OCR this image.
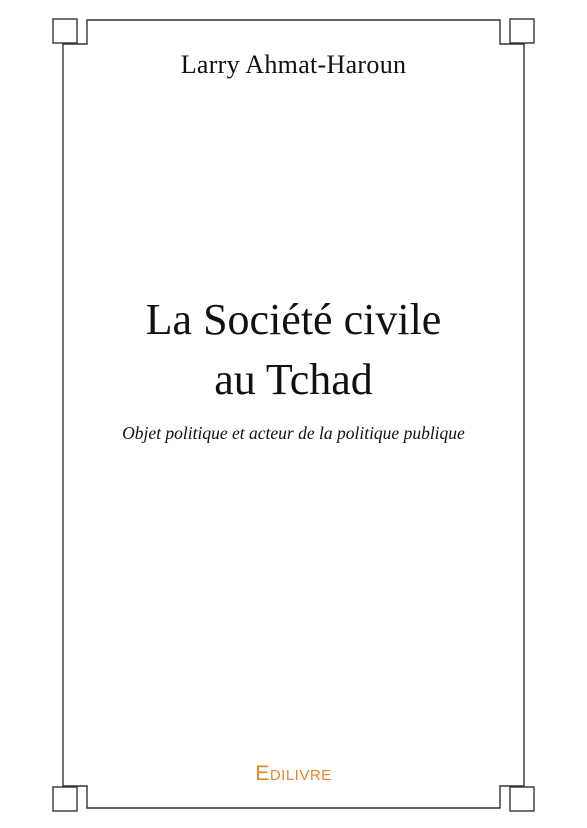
Larry Ahmat-Haroun
La Société civile
au Tchad
Objet politique et acteur de la politique publique
EDILIVRE
